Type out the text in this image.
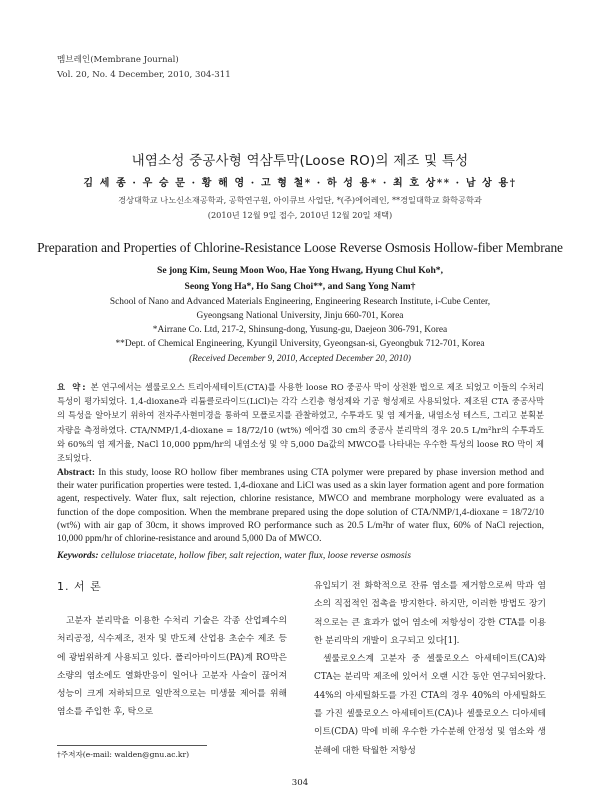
멤브레인(Membrane Journal)
Vol. 20, No. 4 December, 2010, 304-311
내염소성 중공사형 역삼투막(Loose RO)의 제조 및 특성
김 세 종 · 우 승 문 · 황 해 영 · 고 형 철* · 하 성 용* · 최 호 상** · 남 상 용†
경상대학교 나노신소재공학과, 공학연구원, 아이큐브 사업단, *(주)에어레인, **경일대학교 화학공학과
(2010년 12월 9일 접수, 2010년 12월 20일 채택)
Preparation and Properties of Chlorine-Resistance Loose Reverse Osmosis Hollow-fiber Membrane
Se jong Kim, Seung Moon Woo, Hae Yong Hwang, Hyung Chul Koh*,
Seong Yong Ha*, Ho Sang Choi**, and Sang Yong Nam†
School of Nano and Advanced Materials Engineering, Engineering Research Institute, i-Cube Center,
Gyeongsang National University, Jinju 660-701, Korea
*Airrane Co. Ltd, 217-2, Shinsung-dong, Yusung-gu, Daejeon 306-791, Korea
**Dept. of Chemical Engineering, Kyungil University, Gyeongsan-si, Gyeongbuk 712-701, Korea
(Received December 9, 2010, Accepted December 20, 2010)
요 약: 본 연구에서는 셀룰로오스 트리아세테이트(CTA)를 사용한 loose RO 중공사 막이 상전환 법으로 제조 되었고 이들의 수처리 특성이 평가되었다. 1,4-dioxane과 리튬클로라이드(LiCl)는 각각 스킨층 형성제와 기공 형성제로 사용되었다. 제조된 CTA 중공사막의 특성을 알아보기 위하여 전자주사현미경을 통하여 모폴로지를 관찰하였고, 수투과도 및 염 제거율, 내염소성 테스트, 그리고 분획분자량을 측정하였다. CTA/NMP/1,4-dioxane = 18/72/10 (wt%) 에어갭 30 cm의 중공사 분리막의 경우 20.5 L/m²hr의 수투과도와 60%의 염 제거율, NaCl 10,000 ppm/hr의 내염소성 및 약 5,000 Da값의 MWCO를 나타내는 우수한 특성의 loose RO 막이 제조되었다.
Abstract: In this study, loose RO hollow fiber membranes using CTA polymer were prepared by phase inversion method and their water purification properties were tested. 1,4-dioxane and LiCl was used as a skin layer formation agent and pore formation agent, respectively. Water flux, salt rejection, chlorine resistance, MWCO and membrane morphology were evaluated as a function of the dope composition. When the membrane prepared using the dope solution of CTA/NMP/1,4-dioxane = 18/72/10 (wt%) with air gap of 30cm, it shows improved RO performance such as 20.5 L/m²hr of water flux, 60% of NaCl rejection, 10,000 ppm/hr of chlorine-resistance and around 5,000 Da of MWCO.
Keywords: cellulose triacetate, hollow fiber, salt rejection, water flux, loose reverse osmosis
1. 서 론
고분자 분리막을 이용한 수처리 기술은 각종 산업폐수의 처리공정, 식수제조, 전자 및 반도체 산업용 초순수 제조 등에 광범위하게 사용되고 있다. 폴리아마이드(PA)계 RO막은 소량의 염소에도 열화반응이 일어나 고분자 사슬이 끊어져 성능이 크게 저하되므로 일반적으로는 미생물 제어를 위해 염소를 주입한 후, 탁으로
유입되기 전 화학적으로 잔류 염소를 제거함으로써 막과 염소의 직접적인 접촉을 방지한다. 하지만, 이러한 방법도 장기적으로는 큰 효과가 없어 염소에 저항성이 강한 CTA를 이용한 분리막의 개발이 요구되고 있다[1].
셀룰로오스계 고분자 중 셀룰로오스 아세테이트(CA)와 CTA는 분리막 제조에 있어서 오랜 시간 동안 연구되어왔다. 44%의 아세틸화도를 가진 CTA의 경우 40%의 아세틸화도를 가진 셀룰로오스 아세테이트(CA)나 셀룰로오스 디아세테이트(CDA) 막에 비해 우수한 가수분해 안정성 및 염소와 생분해에 대한 탁월한 저항성
†주저자(e-mail: walden@gnu.ac.kr)
304
